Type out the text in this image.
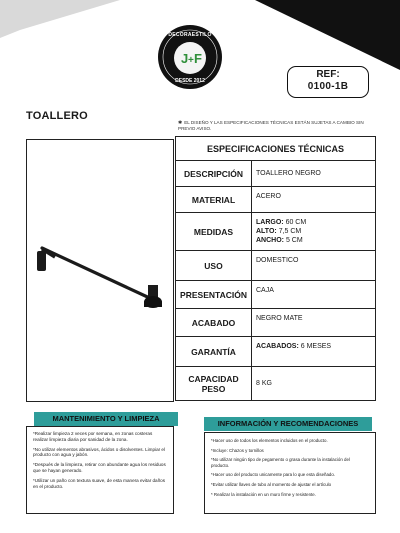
J + F
DESDE 2012
DECORAESTILO
REF:
0100-1B
TOALLERO
✱ EL DISEÑO Y LAS ESPECIFICACIONES TÉCNICAS ESTÁN SUJETAS A CAMBIO SIN PREVIO AVISO.
ESPECIFICACIONES TÉCNICAS	
DESCRIPCIÓN	TOALLERO NEGRO
MATERIAL	ACERO
MEDIDAS	LARGO: 60 CM
ALTO: 7,5 CM
ANCHO: 5 CM

USO	DOMESTICO
PRESENTACIÓN	CAJA
ACABADO	NEGRO MATE
GARANTÍA	ACABADOS: 6 MESES

CAPACIDAD
PESO	8 KG
MANTENIMIENTO Y LIMPIEZA

*Realizar limpieza 2 veces por semana, en zonas costeras realizar limpieza diaria por sanidad de la zona.

*No utilizar elementos abrasivos, ácidos o disolventes. Limpiar el producto con agua y jabón.

*Después de la limpieza, retirar con abundante agua los residuos que se hayan generado.

*Utilizar un paño con textura suave, de esta manera evitar daños en el producto.

INFORMACIÓN Y RECOMENDACIONES

*Hacer uso de todos los elementos incluidos en el producto.

*Incluye: Chazos y tornillos

*No utilizar ningún tipo de pegamento o grasa durante la instalación del producto.

*Hacer uso del producto unicamente para lo que esta diseñado.

*Evitar utilizar llaves de tubo al momento de ajustar el artículo

* Realizar la instalación en un muro firme y resistente.
